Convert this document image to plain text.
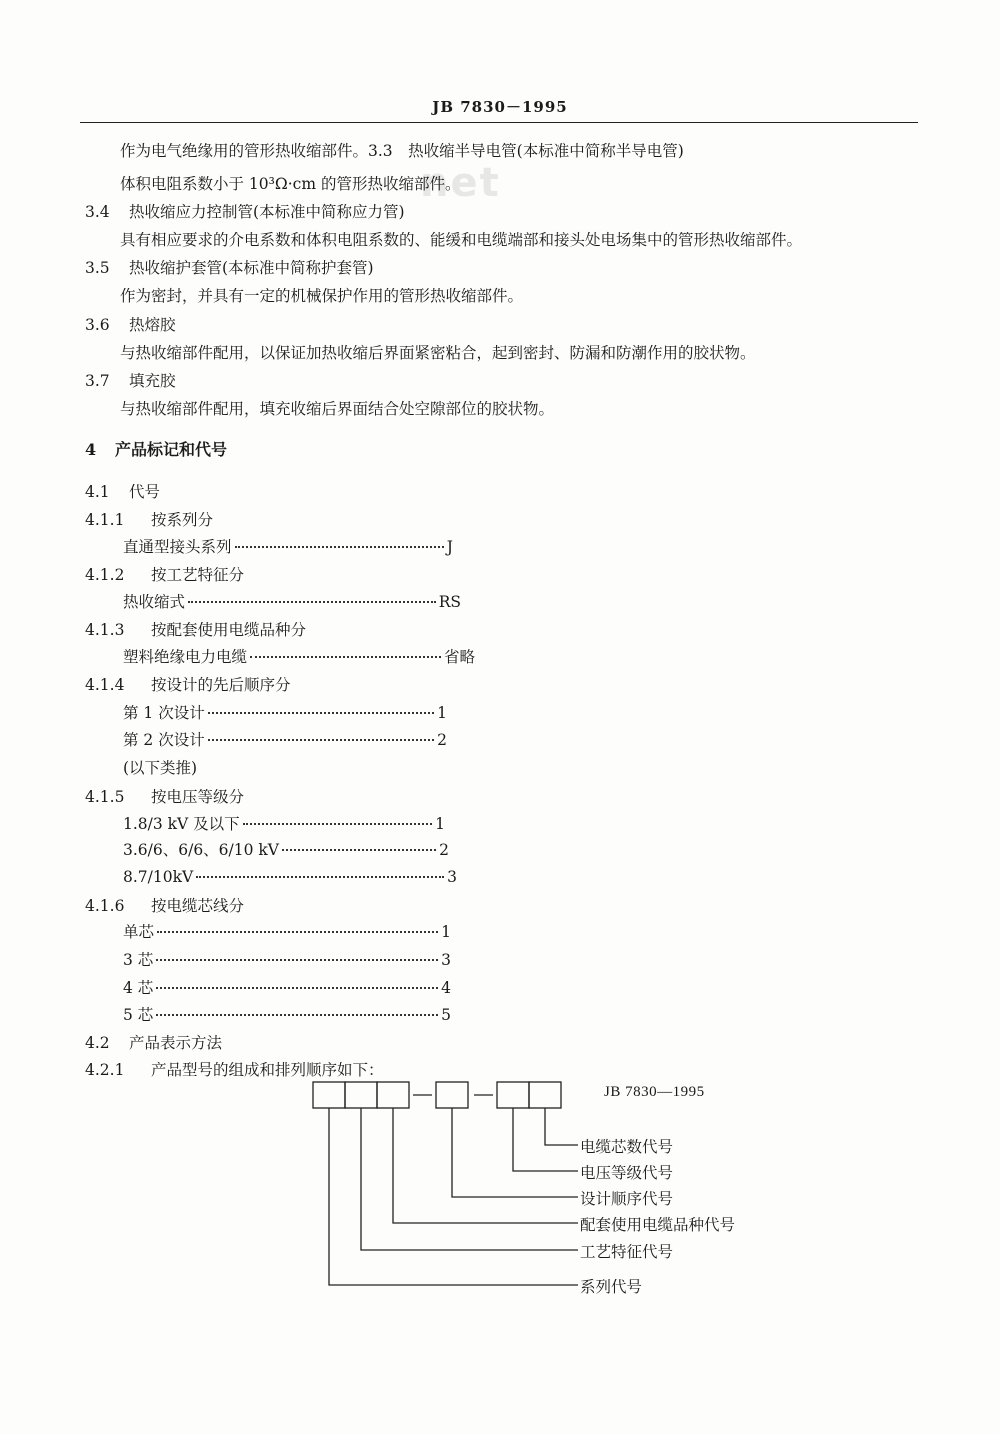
JB 7830－1995
net
作为电气绝缘用的管形热收缩部件。3.3　热收缩半导电管(本标准中简称半导电管)
体积电阻系数小于 10³Ω·cm 的管形热收缩部件。
3.4 热收缩应力控制管(本标准中简称应力管)
具有相应要求的介电系数和体积电阻系数的、能缓和电缆端部和接头处电场集中的管形热收缩部件。
3.5 热收缩护套管(本标准中简称护套管)
作为密封，并具有一定的机械保护作用的管形热收缩部件。
3.6 热熔胶
与热收缩部件配用，以保证加热收缩后界面紧密粘合，起到密封、防漏和防潮作用的胶状物。
3.7 填充胶
与热收缩部件配用，填充收缩后界面结合处空隙部位的胶状物。
4 产品标记和代号
4.1 代号
4.1.1 按系列分
直通型接头系列	J
4.1.2 按工艺特征分
热收缩式	RS
4.1.3 按配套使用电缆品种分
塑料绝缘电力电缆	省略
4.1.4 按设计的先后顺序分
第 1 次设计	1
第 2 次设计	2
(以下类推)
4.1.5 按电压等级分
1.8/3 kV 及以下	1
3.6/6、6/6、6/10 kV	2
8.7/10kV	3
4.1.6 按电缆芯线分
单芯	1
3 芯	3
4 芯	4
5 芯	5
4.2 产品表示方法
4.2.1 产品型号的组成和排列顺序如下：
JB 7830—1995
电缆芯数代号
电压等级代号
设计顺序代号
配套使用电缆品种代号
工艺特征代号
系列代号
